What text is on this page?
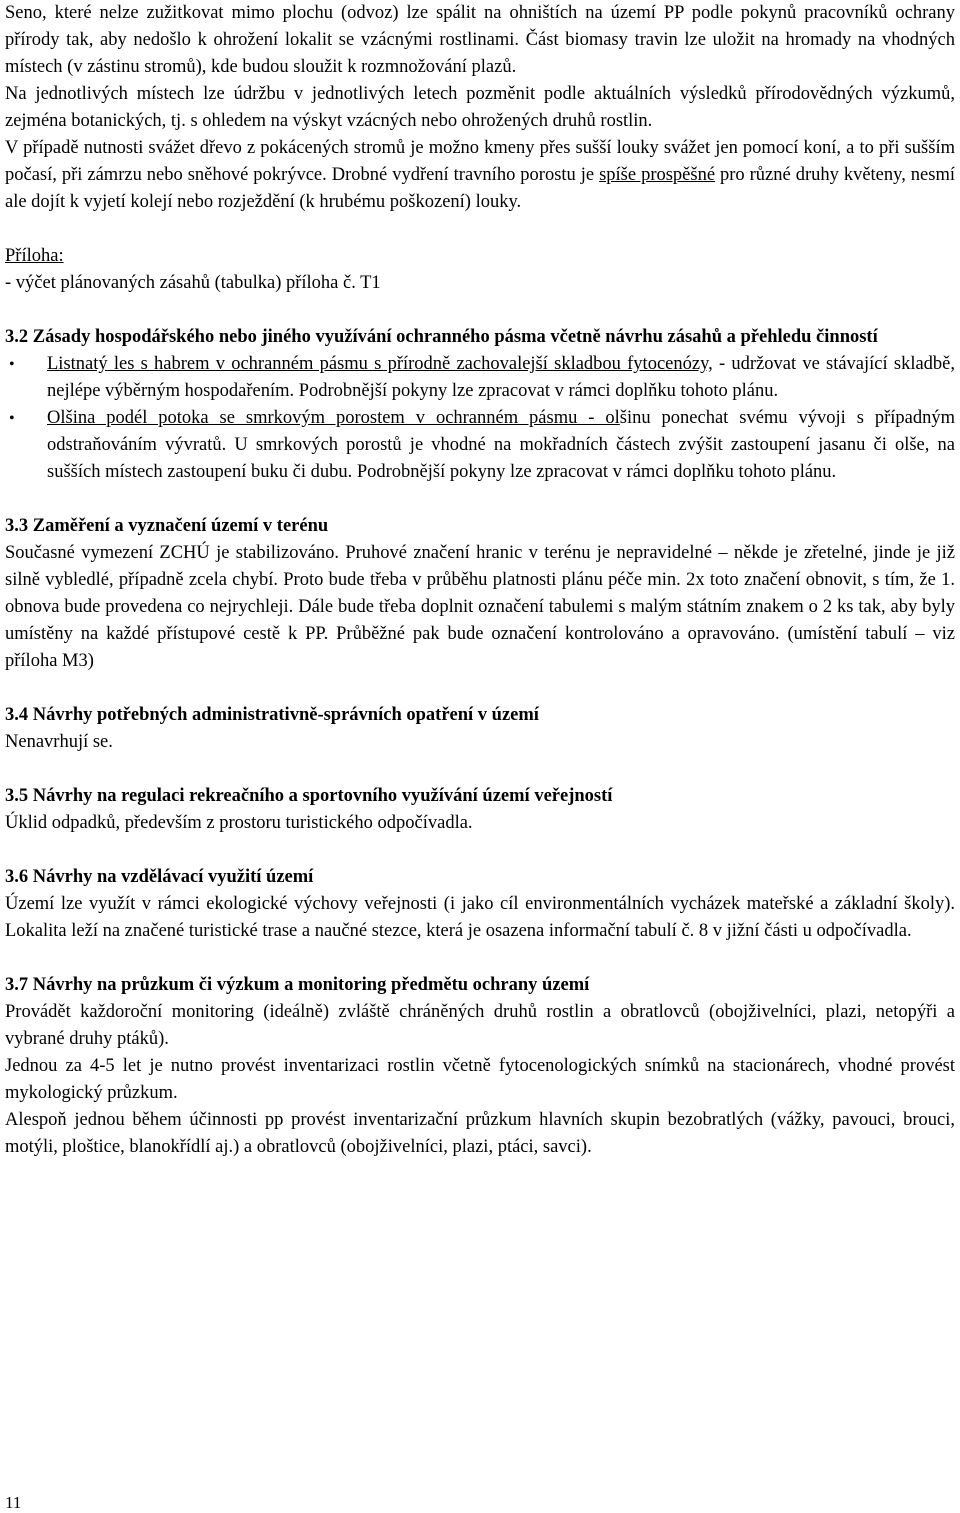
Seno, které nelze zužitkovat mimo plochu (odvoz) lze spálit na ohništích na území PP podle pokynů pracovníků ochrany přírody tak, aby nedošlo k ohrožení lokalit se vzácnými rostlinami. Část biomasy travin lze uložit na hromady na vhodných místech (v zástinu stromů), kde budou sloužit k rozmnožování plazů.

Na jednotlivých místech lze údržbu v jednotlivých letech pozměnit podle aktuálních výsledků přírodovědných výzkumů, zejména botanických, tj. s ohledem na výskyt vzácných nebo ohrožených druhů rostlin.

V případě nutnosti svážet dřevo z pokácených stromů je možno kmeny přes sušší louky svážet jen pomocí koní, a to při sušším počasí, při zámrzu nebo sněhové pokrývce. Drobné vydření travního porostu je spíše prospěšné pro různé druhy květeny, nesmí ale dojít k vyjetí kolejí nebo rozježdění (k hrubému poškození) louky.

Příloha:

- výčet plánovaných zásahů (tabulka) příloha č. T1

3.2 Zásady hospodářského nebo jiného využívání ochranného pásma včetně návrhu zásahů a přehledu činností

• Listnatý les s habrem v ochranném pásmu s přírodně zachovalejší skladbou fytocenózy, - udržovat ve stávající skladbě, nejlépe výběrným hospodařením. Podrobnější pokyny lze zpracovat v rámci doplňku tohoto plánu.
• Olšina podél potoka se smrkovým porostem v ochranném pásmu - olšinu ponechat svému vývoji s případným odstraňováním vývratů. U smrkových porostů je vhodné na mokřadních částech zvýšit zastoupení jasanu či olše, na sušších místech zastoupení buku či dubu. Podrobnější pokyny lze zpracovat v rámci doplňku tohoto plánu.

3.3 Zaměření a vyznačení území v terénu

Současné vymezení ZCHÚ je stabilizováno. Pruhové značení hranic v terénu je nepravidelné – někde je zřetelné, jinde je již silně vybledlé, případně zcela chybí. Proto bude třeba v průběhu platnosti plánu péče min. 2x toto značení obnovit, s tím, že 1. obnova bude provedena co nejrychleji. Dále bude třeba doplnit označení tabulemi s malým státním znakem o 2 ks tak, aby byly umístěny na každé přístupové cestě k PP. Průběžné pak bude označení kontrolováno a opravováno. (umístění tabulí – viz příloha M3)

3.4 Návrhy potřebných administrativně-správních opatření v území

Nenavrhují se.

3.5 Návrhy na regulaci rekreačního a sportovního využívání území veřejností

Úklid odpadků, především z prostoru turistického odpočívadla.

3.6 Návrhy na vzdělávací využití území

Území lze využít v rámci ekologické výchovy veřejnosti (i jako cíl environmentálních vycházek mateřské a základní školy). Lokalita leží na značené turistické trase a naučné stezce, která je osazena informační tabulí č. 8 v jižní části u odpočívadla.

3.7 Návrhy na průzkum či výzkum a monitoring předmětu ochrany území

Provádět každoroční monitoring (ideálně) zvláště chráněných druhů rostlin a obratlovců (obojživelníci, plazi, netopýři a vybrané druhy ptáků).

Jednou za 4-5 let je nutno provést inventarizaci rostlin včetně fytocenologických snímků na stacionárech, vhodné provést mykologický průzkum.

Alespoň jednou během účinnosti pp provést inventarizační průzkum hlavních skupin bezobratlých (vážky, pavouci, brouci, motýli, ploštice, blanokřídlí aj.) a obratlovců (obojživelníci, plazi, ptáci, savci).

11
